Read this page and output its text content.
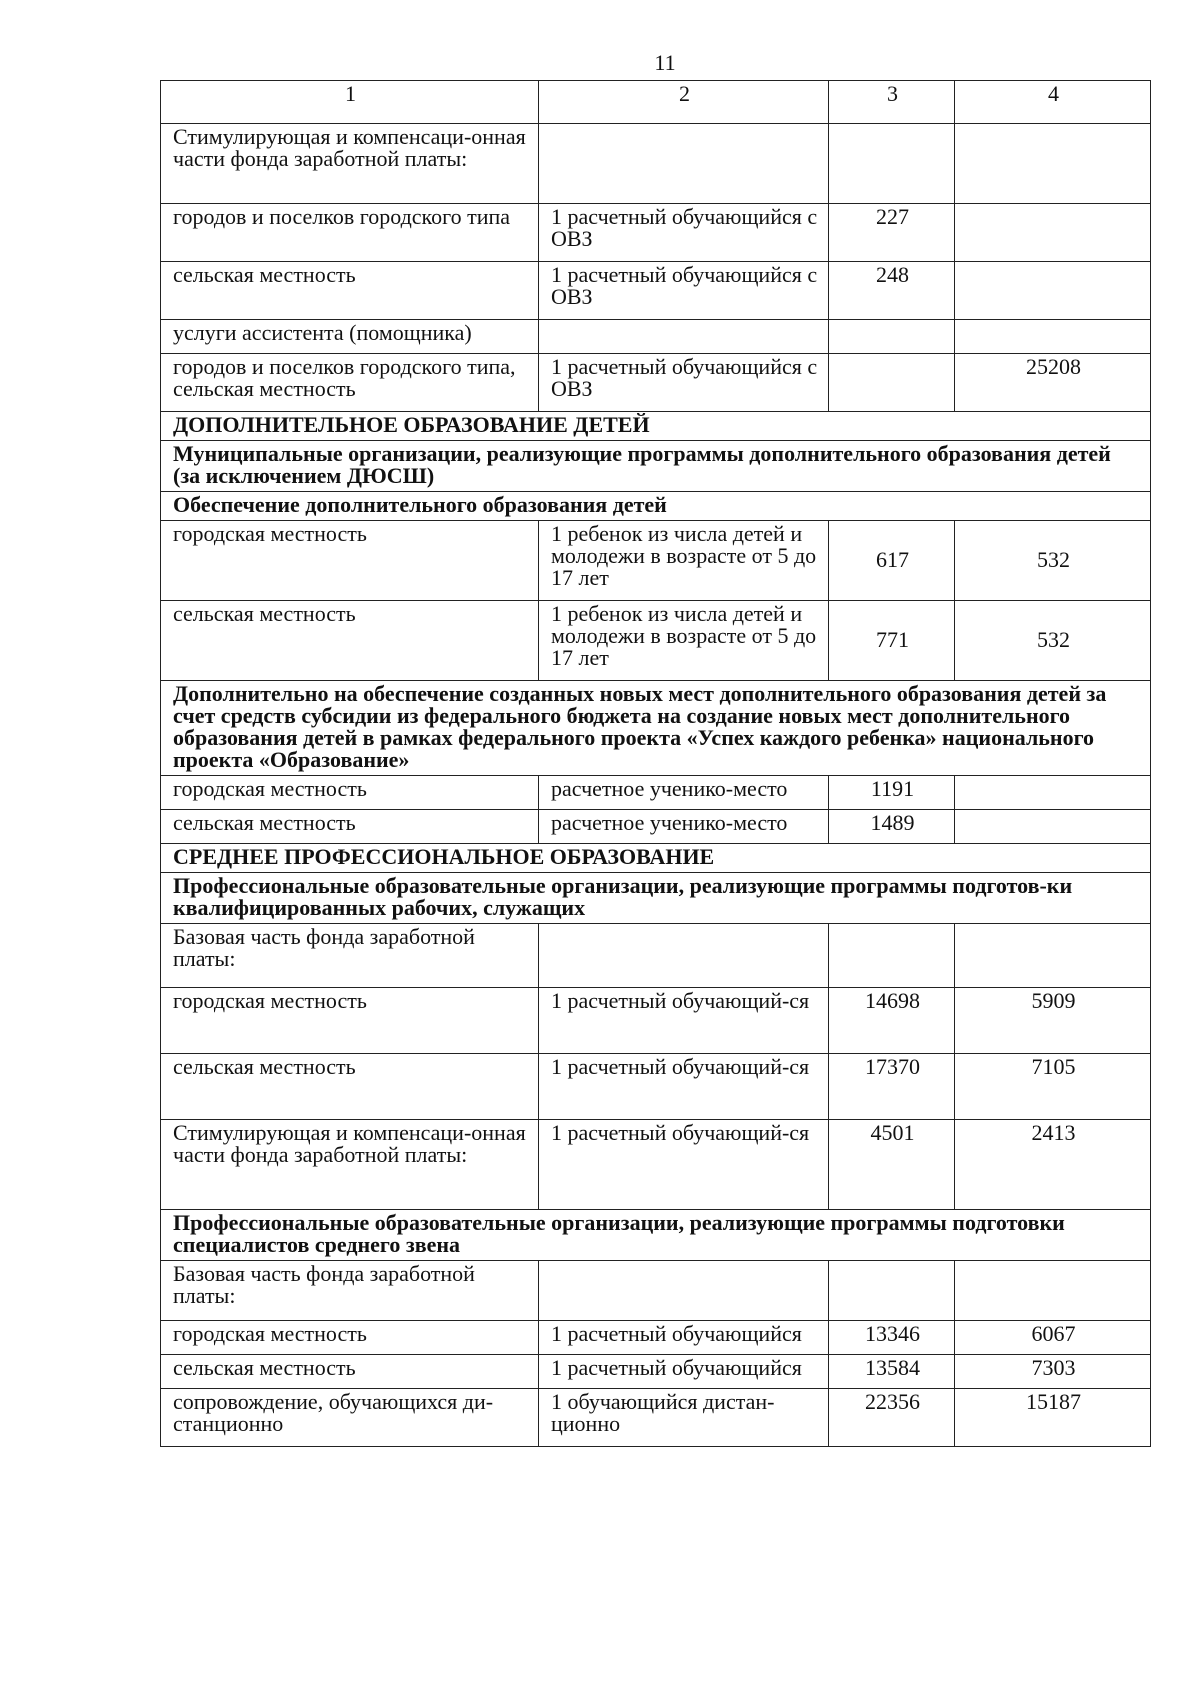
11
1	2	3	4
Стимулирующая и компенсаци-онная части фонда заработной платы:			
городов и поселков городского типа	1 расчетный обучающийся с ОВЗ	227	
сельская местность	1 расчетный обучающийся с ОВЗ	248	
услуги ассистента (помощника)			
городов и поселков городского типа, сельская местность	1 расчетный обучающийся с ОВЗ		25208
ДОПОЛНИТЕЛЬНОЕ ОБРАЗОВАНИЕ ДЕТЕЙ			
Муниципальные организации, реализующие программы дополнительного образования детей (за исключением ДЮСШ)			
Обеспечение дополнительного образования детей			
городская местность	1 ребенок из числа детей и молодежи в возрасте от 5 до 17 лет	617	532
сельская местность	1 ребенок из числа детей и молодежи в возрасте от 5 до 17 лет	771	532
Дополнительно на обеспечение созданных новых мест дополнительного образования детей за счет средств субсидии из федерального бюджета на создание новых мест дополнительного образования детей в рамках федерального проекта «Успех каждого ребенка» национального проекта «Образование»			
городская местность	расчетное ученико-место	1191	
сельская местность	расчетное ученико-место	1489	
СРЕДНЕЕ ПРОФЕССИОНАЛЬНОЕ ОБРАЗОВАНИЕ			
Профессиональные образовательные организации, реализующие программы подготов-ки квалифицированных рабочих, служащих			
Базовая часть фонда заработной платы:			
городская местность	1 расчетный обучающий-ся	14698	5909
сельская местность	1 расчетный обучающий-ся	17370	7105
Стимулирующая и компенсаци-онная части фонда заработной платы:	1 расчетный обучающий-ся	4501	2413
Профессиональные образовательные организации, реализующие программы подготовки специалистов среднего звена			
Базовая часть фонда заработной платы:			
городская местность	1 расчетный обучающийся	13346	6067
сельская местность	1 расчетный обучающийся	13584	7303
сопровождение, обучающихся ди-станционно	1 обучающийся дистан-ционно	22356	15187
